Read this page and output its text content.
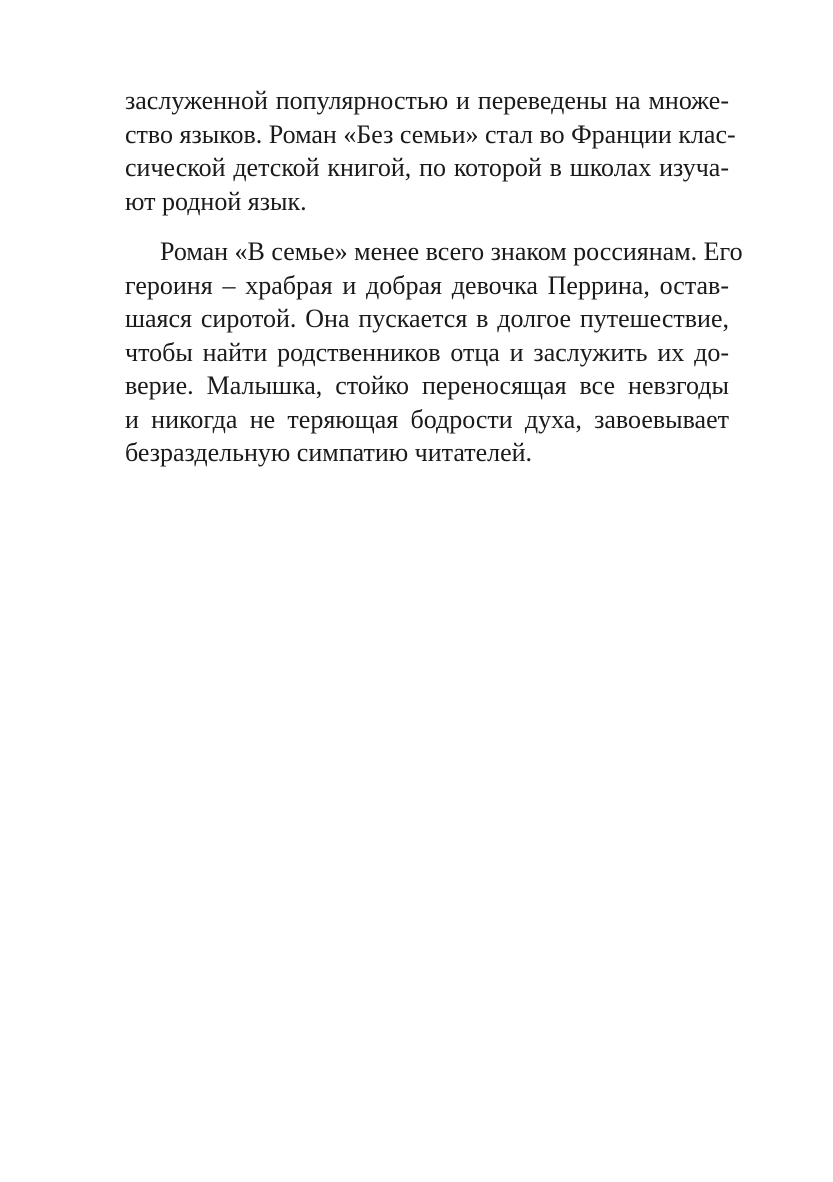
заслуженной популярностью и переведены на множе-
ство языков. Роман «Без семьи» стал во Франции клас-
сической детской книгой, по которой в школах изуча-
ют родной язык.
Роман «В семье» менее всего знаком россиянам. Его
героиня – храбрая и добрая девочка Перрина, остав-
шаяся сиротой. Она пускается в долгое путешествие,
чтобы найти родственников отца и заслужить их до-
верие. Малышка, стойко переносящая все невзгоды
и никогда не теряющая бодрости духа, завоевывает
безраздельную симпатию читателей.
